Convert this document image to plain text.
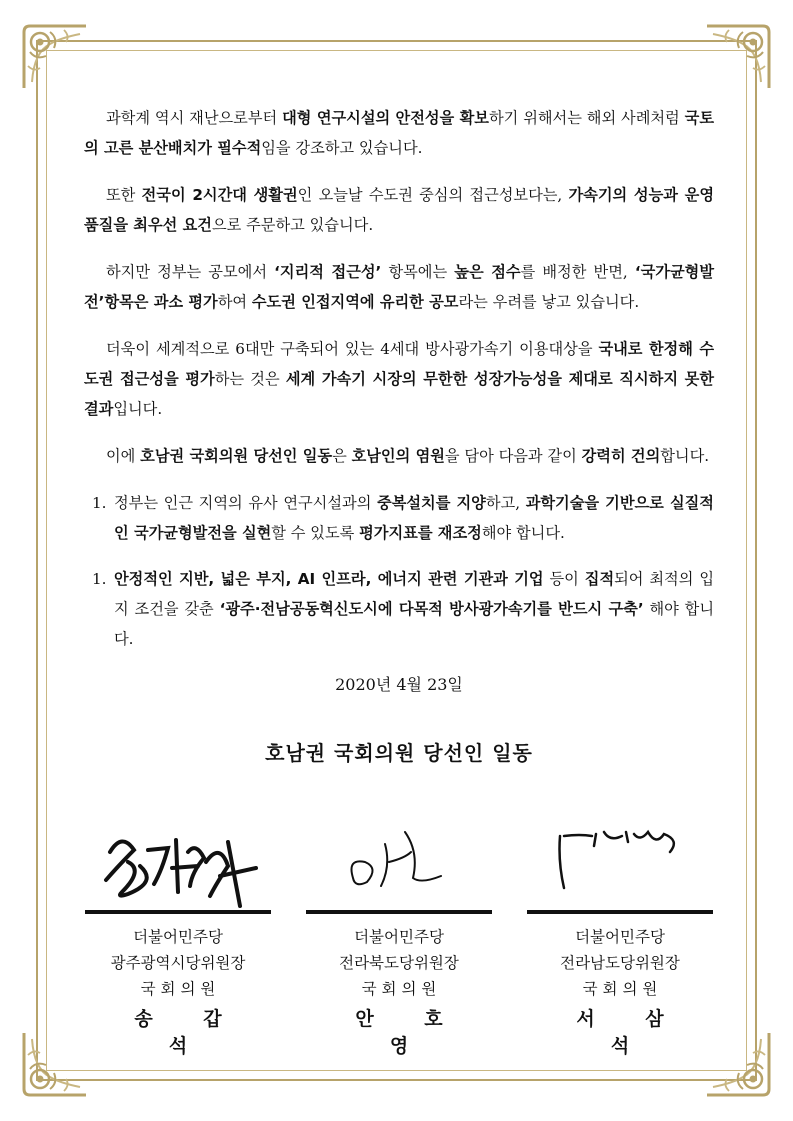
과학계 역시 재난으로부터 대형 연구시설의 안전성을 확보하기 위해서는 해외 사례처럼 국토의 고른 분산배치가 필수적임을 강조하고 있습니다.

또한 전국이 2시간대 생활권인 오늘날 수도권 중심의 접근성보다는, 가속기의 성능과 운영 품질을 최우선 요건으로 주문하고 있습니다.

하지만 정부는 공모에서 ‘지리적 접근성’ 항목에는 높은 점수를 배정한 반면, ‘국가균형발전’항목은 과소 평가하여 수도권 인접지역에 유리한 공모라는 우려를 낳고 있습니다.

더욱이 세계적으로 6대만 구축되어 있는 4세대 방사광가속기 이용대상을 국내로 한정해 수도권 접근성을 평가하는 것은 세계 가속기 시장의 무한한 성장가능성을 제대로 직시하지 못한 결과입니다.

이에 호남권 국회의원 당선인 일동은 호남인의 염원을 담아 다음과 같이 강력히 건의합니다.

1. 정부는 인근 지역의 유사 연구시설과의 중복설치를 지양하고, 과학기술을 기반으로 실질적인 국가균형발전을 실현할 수 있도록 평가지표를 재조정해야 합니다.
1. 안정적인 지반, 넓은 부지, AI 인프라, 에너지 관련 기관과 기업 등이 집적되어 최적의 입지 조건을 갖춘 ‘광주·전남공동혁신도시에 다목적 방사광가속기를 반드시 구축’ 해야 합니다.
2020년 4월 23일
호남권 국회의원 당선인 일동
더불어민주당
광주광역시당위원장
국 회 의 원
송 갑 석
더불어민주당
전라북도당위원장
국 회 의 원
안 호 영
더불어민주당
전라남도당위원장
국 회 의 원
서 삼 석
